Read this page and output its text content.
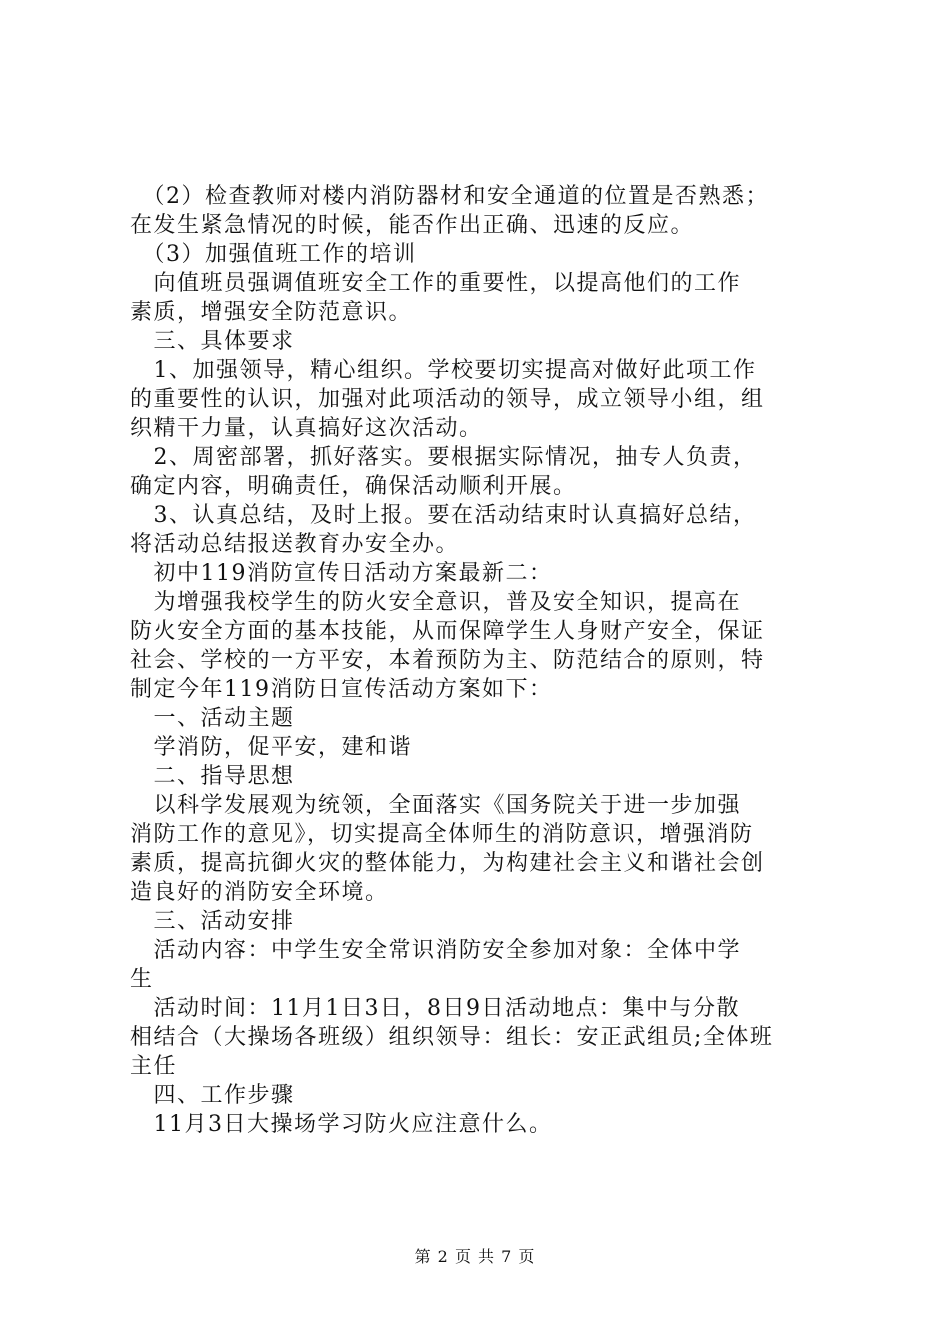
　（2）检查教师对楼内消防器材和安全通道的位置是否熟悉；
在发生紧急情况的时候，能否作出正确、迅速的反应。
　（3）加强值班工作的培训
　向值班员强调值班安全工作的重要性，以提高他们的工作
素质，增强安全防范意识。
　三、具体要求
　1、加强领导，精心组织。学校要切实提高对做好此项工作
的重要性的认识，加强对此项活动的领导，成立领导小组，组
织精干力量，认真搞好这次活动。
　2、周密部署，抓好落实。要根据实际情况，抽专人负责，
确定内容，明确责任，确保活动顺利开展。
　3、认真总结，及时上报。要在活动结束时认真搞好总结，
将活动总结报送教育办安全办。
　初中119消防宣传日活动方案最新二：
　为增强我校学生的防火安全意识，普及安全知识，提高在
防火安全方面的基本技能，从而保障学生人身财产安全，保证
社会、学校的一方平安，本着预防为主、防范结合的原则，特
制定今年119消防日宣传活动方案如下：
　一、活动主题
　学消防，促平安，建和谐
　二、指导思想
　以科学发展观为统领，全面落实《国务院关于进一步加强
消防工作的意见》，切实提高全体师生的消防意识，增强消防
素质，提高抗御火灾的整体能力，为构建社会主义和谐社会创
造良好的消防安全环境。
　三、活动安排
　活动内容：中学生安全常识消防安全参加对象：全体中学
生
　活动时间：11月1日3日，8日9日活动地点：集中与分散
相结合（大操场各班级）组织领导：组长：安正武组员;全体班
主任
　四、工作步骤
　11月3日大操场学习防火应注意什么。
第 2 页 共 7 页
